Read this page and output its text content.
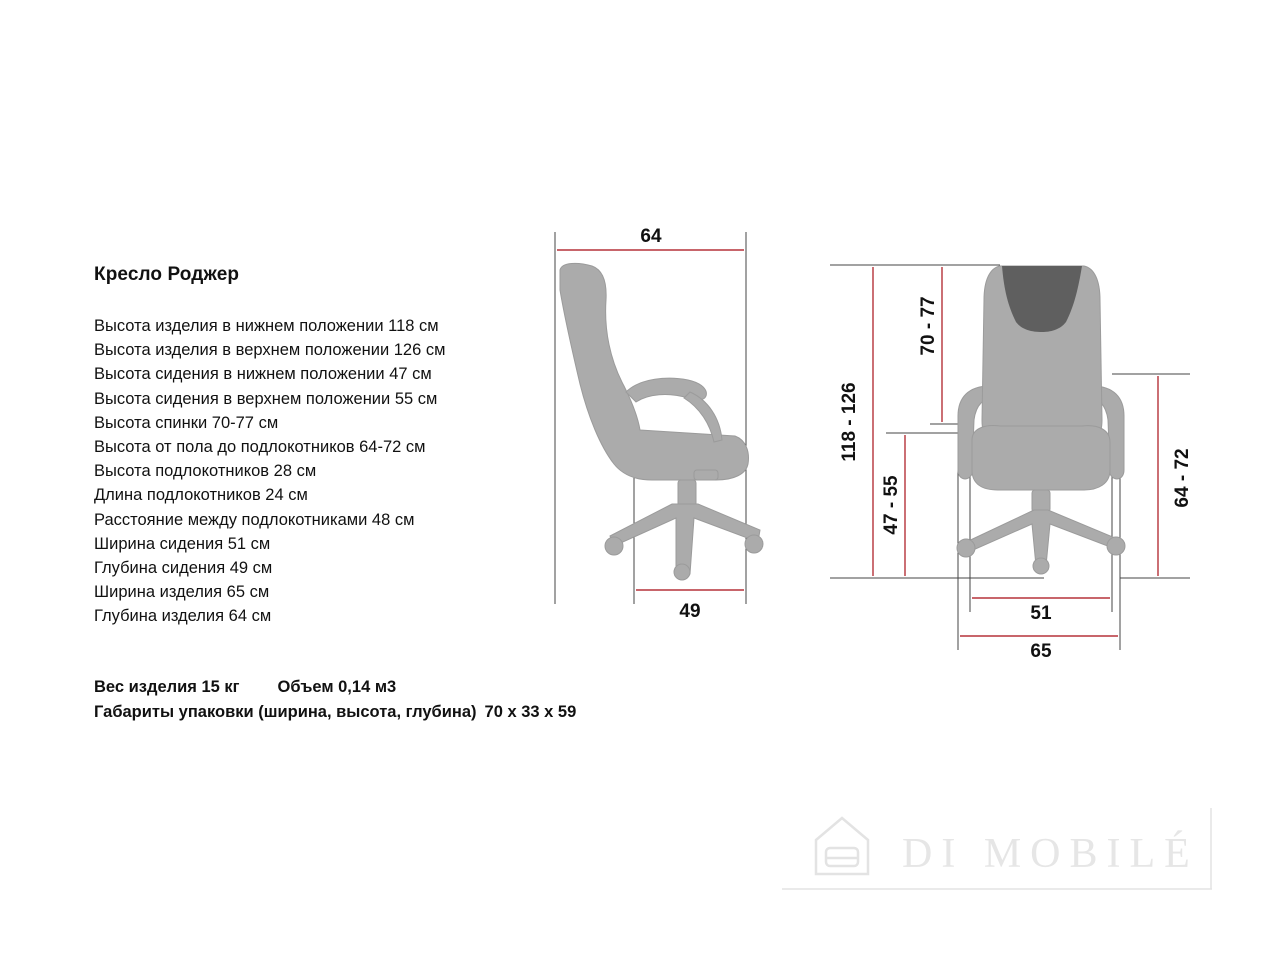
Кресло Роджер
Высота изделия в нижнем положении 118 см
Высота изделия в верхнем положении 126 см
Высота сидения в нижнем положении 47 см
Высота сидения в верхнем положении 55 см
Высота спинки 70-77 см
Высота от пола до подлокотников 64-72 см
Высота подлокотников 28 см
Длина подлокотников 24 см
Расстояние между подлокотниками 48 см
Ширина сидения 51 см
Глубина сидения 49 см
Ширина изделия 65 см
Глубина изделия 64 см
Вес изделия 15 кг Объем 0,14 м3
Габариты упаковки (ширина, высота, глубина) 70 х 33 х 59
64
49
118 - 126
47 - 55
70 - 77
64 - 72
51
65
DI MOBILÉ
